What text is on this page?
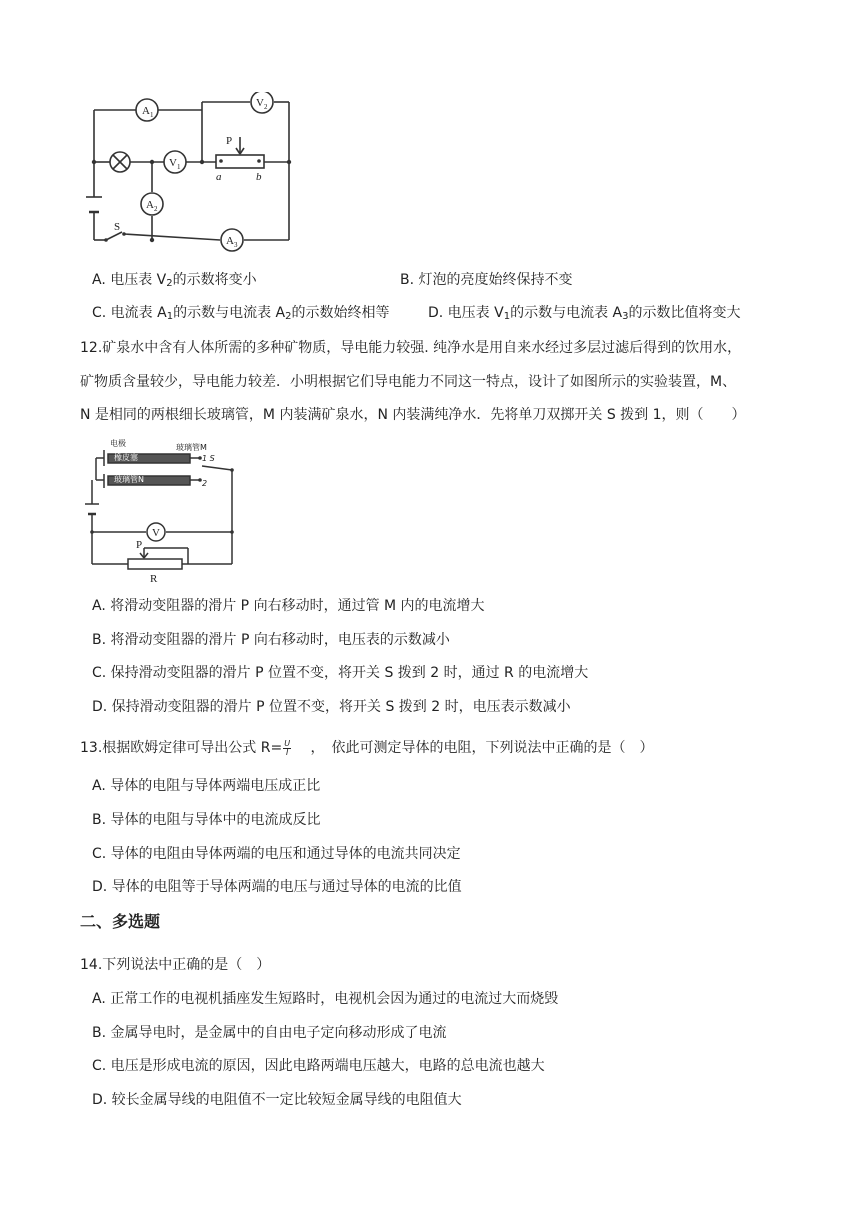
$A_1$
$V_2$
$V_1$
$A_2$
$A_3$
P
a	b
S
A. 电压表 $V_2$的示数将变小	B. 灯泡的亮度始终保持不变
C. 电流表 $A_1$的示数与电流表 $A_2$的示数始终相等	D. 电压表 $V_1$的示数与电流表 $A_3$的示数比值将变大
12.矿泉水中含有人体所需的多种矿物质，导电能力较强. 纯净水是用自来水经过多层过滤后得到的饮用水，
矿物质含量较少，导电能力较差．小明根据它们导电能力不同这一特点，设计了如图所示的实验装置，M、
N 是相同的两根细长玻璃管，M 内装满矿泉水，N 内装满纯净水．先将单刀双掷开关 S 拨到 1，则（　　）
电极
橡皮塞
玻璃管M
玻璃管N
1 S
2
V
P
R
A. 将滑动变阻器的滑片 P 向右移动时，通过管 M 内的电流增大
B. 将滑动变阻器的滑片 P 向右移动时，电压表的示数减小
C. 保持滑动变阻器的滑片 P 位置不变，将开关 S 拨到 2 时，通过 R 的电流增大
D. 保持滑动变阻器的滑片 P 位置不变，将开关 S 拨到 2 时，电压表示数减小
13.根据欧姆定律可导出公式 $R= \frac{U}{I}$ 　 ，　依此可测定导体的电阻，下列说法中正确的是（　）
A. 导体的电阻与导体两端电压成正比
B. 导体的电阻与导体中的电流成反比
C. 导体的电阻由导体两端的电压和通过导体的电流共同决定
D. 导体的电阻等于导体两端的电压与通过导体的电流的比值
二、多选题
14.下列说法中正确的是（　）
A. 正常工作的电视机插座发生短路时，电视机会因为通过的电流过大而烧毁
B. 金属导电时，是金属中的自由电子定向移动形成了电流
C. 电压是形成电流的原因，因此电路两端电压越大，电路的总电流也越大
D. 较长金属导线的电阻值不一定比较短金属导线的电阻值大
